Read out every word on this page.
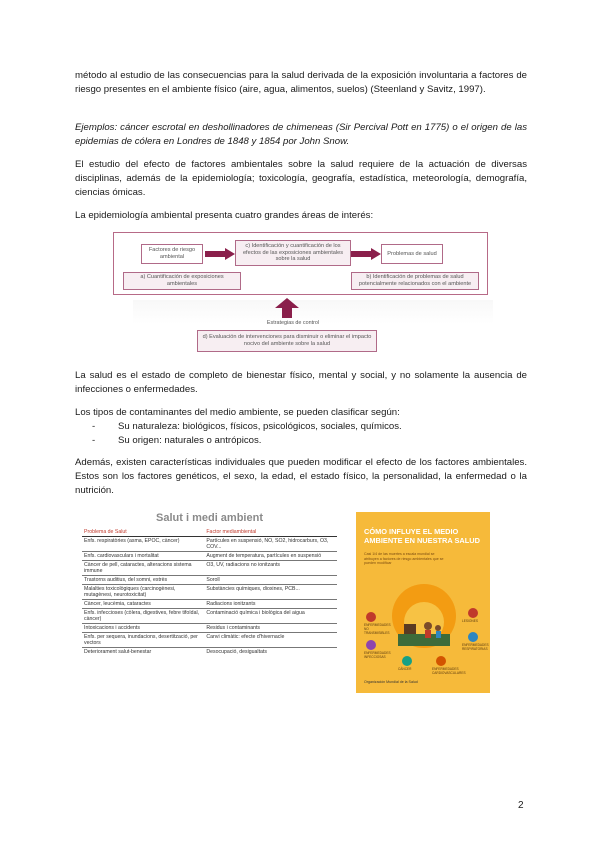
método al estudio de las consecuencias para la salud derivada de la exposición involuntaria a factores de riesgo presentes en el ambiente físico (aire, agua, alimentos, suelos) (Steenland y Savitz, 1997).

Ejemplos: cáncer escrotal en deshollinadores de chimeneas (Sir Percival Pott en 1775) o el origen de las epidemias de cólera en Londres de 1848 y 1854 por John Snow.

El estudio del efecto de factores ambientales sobre la salud requiere de la actuación de diversas disciplinas, además de la epidemiología; toxicología, geografía, estadística, meteorología, demografía, ciencias ómicas.

La epidemiología ambiental presenta cuatro grandes áreas de interés:

Factores de riesgo ambiental
c) Identificación y cuantificación de los efectos de las exposiciones ambientales sobre la salud
Problemas de salud
a) Cuantificación de exposiciones ambientales
b) Identificación de problemas de salud potencialmente relacionados con el ambiente
Estrategias de control
d) Evaluación de intervenciones para disminuir o eliminar el impacto nocivo del ambiente sobre la salud

La salud es el estado de completo de bienestar físico, mental y social, y no solamente la ausencia de infecciones o enfermedades.

Los tipos de contaminantes del medio ambiente, se pueden clasificar según:

- Su naturaleza: biológicos, físicos, psicológicos, sociales, químicos.
- Su origen: naturales o antrópicos.

Además, existen características individuales que pueden modificar el efecto de los factores ambientales. Estos son los factores genéticos, el sexo, la edad, el estado físico, la personalidad, la enfermedad o la nutrición.

Salut i medi ambient
Problema de Salut	Factor mediambiental
Enfs. respiratòries (asma, EPOC, càncer)	Partícules en suspensió, NO, SO2, hidrocarburs, O3, COV...
Enfs. cardiovasculars i mortalitat	Augment de temperatura, partícules en suspensió
Càncer de pell, cataractes, alteracions sistema immune	O3, UV, radiacions no ionitzants
Trastorns auditius, del somni, estrès	Soroll
Malalties toxicològiques (carcinogènesi, mutagènesi, neurotoxicitat)	Substàncies químiques, dioxines, PCB...
Càncer, leucèmia, cataractes	Radiacions ionitzants
Enfs. infeccioses (còlera, digestives, febre tifoïdal, càncer)	Contaminació química i biològica del aigua
Intoxicacions i accidents	Residus i contaminants
Enfs. per sequera, inundacions, desertització, per vectors	Canvi climàtic: efecte d'hivernacle
Deteriorament salut-benestar	Desocupació, desigualtats
CÓMO INFLUYE EL MEDIO AMBIENTE EN NUESTRA SALUD
Casi 1/4 de las muertes a escala mundial se atribuyen a factores de riesgo ambientales que se pueden modificar
ENFERMEDADES NO TRANSMISIBLES
ENFERMEDADES INFECCIOSAS
LESIONES
ENFERMEDADES RESPIRATORIAS
CÁNCER	ENFERMEDADES CARDIOVASCULARES
Organización Mundial de la Salud
2
